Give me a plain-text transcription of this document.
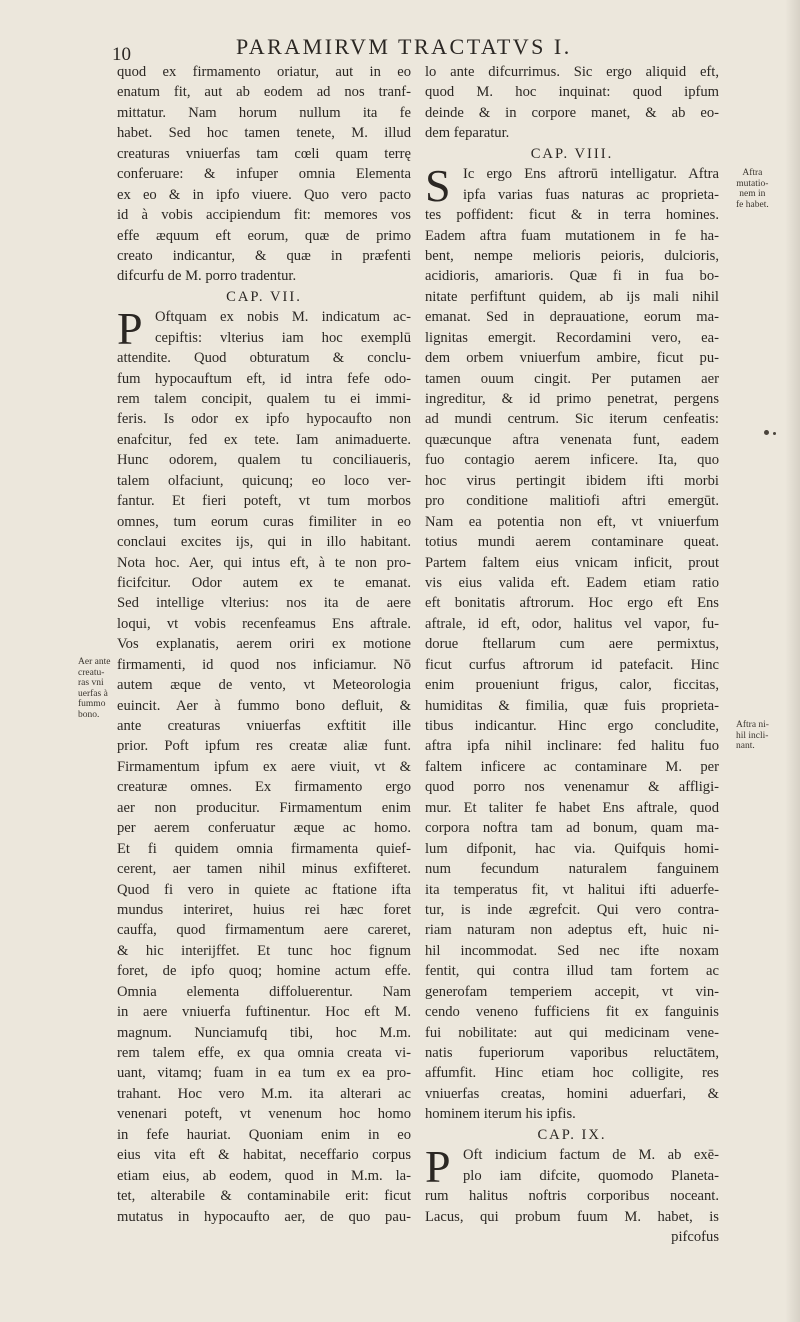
10	PARAMIRVM TRACTATVS I.
quod ex firmamento oriatur, aut in eo
enatum fit, aut ab eodem ad nos tranf-
mittatur. Nam horum nullum ita fe
habet. Sed hoc tamen tenete, M. illud
creaturas vniuerfas tam cœli quam terrę
conferuare: & infuper omnia Elementa
ex eo & in ipfo viuere. Quo vero pacto
id à vobis accipiendum fit: memores vos
effe æquum eft eorum, quæ de primo
creato indicantur, & quæ in præfenti
difcurfu de M. porro tradentur.
CAP. VII.
P Oftquam ex nobis M. indicatum ac-
cepiftis: vlterius iam hoc exemplū
attendite. Quod obturatum & conclu-
fum hypocauftum eft, id intra fefe odo-
rem talem concipit, qualem tu ei immi-
feris. Is odor ex ipfo hypocaufto non
enafcitur, fed ex tete. Iam animaduerte.
Hunc odorem, qualem tu conciliaueris,
talem olfaciunt, quicunq; eo loco ver-
fantur. Et fieri poteft, vt tum morbos
omnes, tum eorum curas fimiliter in eo
conclaui excites ijs, qui in illo habitant.
Nota hoc. Aer, qui intus eft, à te non pro-
ficifcitur. Odor autem ex te emanat.
Sed intellige vlterius: nos ita de aere
loqui, vt vobis recenfeamus Ens aftrale.
Vos explanatis, aerem oriri ex motione
firmamenti, id quod nos inficiamur. Nō
autem æque de vento, vt Meteorologia
euincit. Aer à fummo bono defluit, &
ante creaturas vniuerfas exftitit ille
prior. Poft ipfum res creatæ aliæ funt.
Firmamentum ipfum ex aere viuit, vt &
creaturæ omnes. Ex firmamento ergo
aer non producitur. Firmamentum enim
per aerem conferuatur æque ac homo.
Et fi quidem omnia firmamenta quief-
cerent, aer tamen nihil minus exfifteret.
Quod fi vero in quiete ac ftatione ifta
mundus interiret, huius rei hæc foret
cauffa, quod firmamentum aere careret,
& hic interijffet. Et tunc hoc fignum
foret, de ipfo quoq; homine actum effe.
Omnia elementa diffoluerentur. Nam
in aere vniuerfa fuftinentur. Hoc eft M.
magnum. Nunciamufq tibi, hoc M.m.
rem talem effe, ex qua omnia creata vi-
uant, vitamq; fuam in ea tum ex ea pro-
trahant. Hoc vero M.m. ita alterari ac
venenari poteft, vt venenum hoc homo
in fefe hauriat. Quoniam enim in eo
eius vita eft & habitat, neceffario corpus
etiam eius, ab eodem, quod in M.m. la-
tet, alterabile & contaminabile erit: ficut
mutatus in hypocaufto aer, de quo pau-
Aer ante
creatu-
ras vni
uerfas à
fummo
bono.
lo ante difcurrimus. Sic ergo aliquid eft,
quod M. hoc inquinat: quod ipfum
deinde & in corpore manet, & ab eo-
dem feparatur.
CAP. VIII.
S Ic ergo Ens aftrorū intelligatur. Aftra
ipfa varias fuas naturas ac proprieta-
tes poffident: ficut & in terra homines.
Eadem aftra fuam mutationem in fe ha-
bent, nempe melioris peioris, dulcioris,
acidioris, amarioris. Quæ fi in fua bo-
nitate perfiftunt quidem, ab ijs mali nihil
emanat. Sed in deprauatione, eorum ma-
lignitas emergit. Recordamini vero, ea-
dem orbem vniuerfum ambire, ficut pu-
tamen ouum cingit. Per putamen aer
ingreditur, & id primo penetrat, pergens
ad mundi centrum. Sic iterum cenfeatis:
quæcunque aftra venenata funt, eadem
fuo contagio aerem inficere. Ita, quo
hoc virus pertingit ibidem ifti morbi
pro conditione malitiofi aftri emergūt.
Nam ea potentia non eft, vt vniuerfum
totius mundi aerem contaminare queat.
Partem faltem eius vnicam inficit, prout
vis eius valida eft. Eadem etiam ratio
eft bonitatis aftrorum. Hoc ergo eft Ens
aftrale, id eft, odor, halitus vel vapor, fu-
dorue ftellarum cum aere permixtus,
ficut curfus aftrorum id patefacit. Hinc
enim proueniunt frigus, calor, ficcitas,
humiditas & fimilia, quæ fuis proprieta-
tibus indicantur. Hinc ergo concludite,
aftra ipfa nihil inclinare: fed halitu fuo
faltem inficere ac contaminare M. per
quod porro nos venenamur & affligi-
mur. Et taliter fe habet Ens aftrale, quod
corpora noftra tam ad bonum, quam ma-
lum difponit, hac via. Quifquis homi-
num fecundum naturalem fanguinem
ita temperatus fit, vt halitui ifti aduerfe-
tur, is inde ægrefcit. Qui vero contra-
riam naturam non adeptus eft, huic ni-
hil incommodat. Sed nec ifte noxam
fentit, qui contra illud tam fortem ac
generofam temperiem accepit, vt vin-
cendo veneno fufficiens fit ex fanguinis
fui nobilitate: aut qui medicinam vene-
natis fuperiorum vaporibus reluctātem,
affumfit. Hinc etiam hoc colligite, res
vniuerfas creatas, homini aduerfari, &
hominem iterum his ipfis.
CAP. IX.
P Oft indicium factum de M. ab exē-
plo iam difcite, quomodo Planeta-
rum halitus noftris corporibus noceant.
Lacus, qui probum fuum M. habet, is
pifcofus
Aftra
mutatio-
nem in
fe habet.
Aftra ni-
hil incli-
nant.
